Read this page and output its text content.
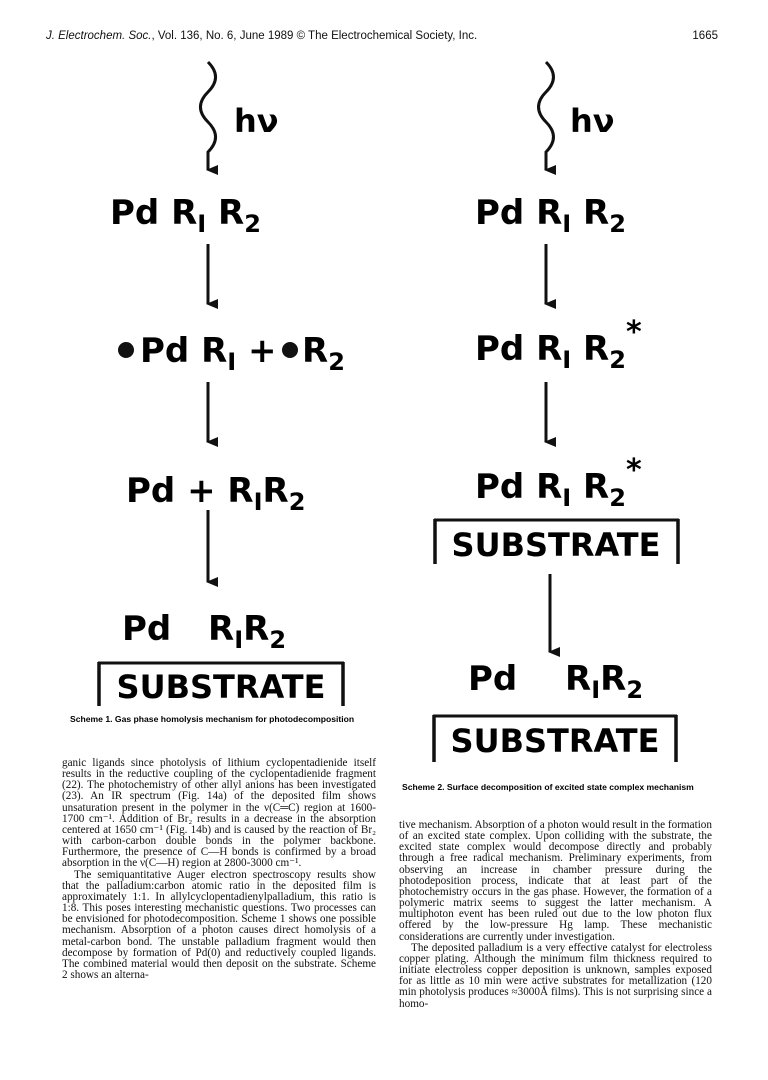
J. Electrochem. Soc., Vol. 136, No. 6, June 1989 © The Electrochemical Society, Inc.	1665
hν
Pd $R_I$ $R_2$
Pd $R_I + R_2$
$Pd + R_IR_2$
Pd $R_IR_2$
SUBSTRATE
Scheme 1. Gas phase homolysis mechanism for photodecomposition
hν
Pd $R_I$ $R_2$
Pd $R_I$ $R_2*$
Pd $R_I$ $R_2*$
SUBSTRATE
Pd $R_IR_2$
SUBSTRATE
Scheme 2. Surface decomposition of excited state complex mechanism

ganic ligands since photolysis of lithium cyclopentadienide itself results in the reductive coupling of the cyclopentadienide fragment (22). The photochemistry of other allyl anions has been investigated (23). An IR spectrum (Fig. 14a) of the deposited film shows unsaturation present in the polymer in the ν(C═C) region at 1600-1700 cm⁻¹. Addition of Br₂ results in a decrease in the absorption centered at 1650 cm⁻¹ (Fig. 14b) and is caused by the reaction of Br₂ with carbon-carbon double bonds in the polymer backbone. Furthermore, the presence of C—H bonds is confirmed by a broad absorption in the ν(C—H) region at 2800-3000 cm⁻¹.

The semiquantitative Auger electron spectroscopy results show that the palladium:carbon atomic ratio in the deposited film is approximately 1:1. In allylcyclopentadienylpalladium, this ratio is 1:8. This poses interesting mechanistic questions. Two processes can be envisioned for photodecomposition. Scheme 1 shows one possible mechanism. Absorption of a photon causes direct homolysis of a metal-carbon bond. The unstable palladium fragment would then decompose by formation of Pd(0) and reductively coupled ligands. The combined material would then deposit on the substrate. Scheme 2 shows an alterna-

tive mechanism. Absorption of a photon would result in the formation of an excited state complex. Upon colliding with the substrate, the excited state complex would decompose directly and probably through a free radical mechanism. Preliminary experiments, from observing an increase in chamber pressure during the photodeposition process, indicate that at least part of the photochemistry occurs in the gas phase. However, the formation of a polymeric matrix seems to suggest the latter mechanism. A multiphoton event has been ruled out due to the low photon flux offered by the low-pressure Hg lamp. These mechanistic considerations are currently under investigation.

The deposited palladium is a very effective catalyst for electroless copper plating. Although the minimum film thickness required to initiate electroless copper deposition is unknown, samples exposed for as little as 10 min were active substrates for metallization (120 min photolysis produces ≈3000Å films). This is not surprising since a homo-
